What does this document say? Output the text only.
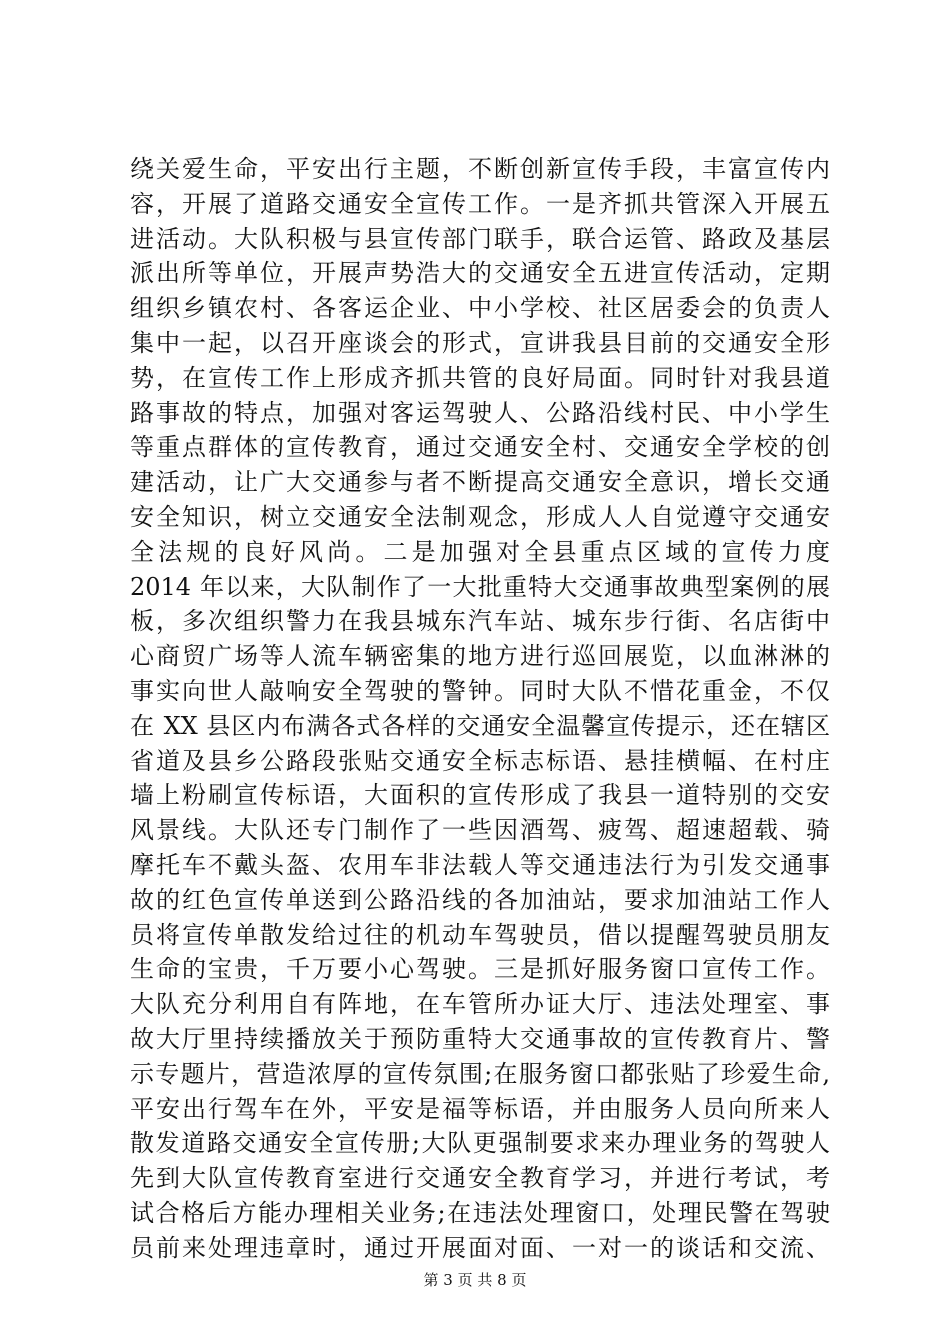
绕关爱生命，平安出行主题，不断创新宣传手段，丰富宣传内
容，开展了道路交通安全宣传工作。一是齐抓共管深入开展五
进活动。大队积极与县宣传部门联手，联合运管、路政及基层
派出所等单位，开展声势浩大的交通安全五进宣传活动，定期
组织乡镇农村、各客运企业、中小学校、社区居委会的负责人
集中一起，以召开座谈会的形式，宣讲我县目前的交通安全形
势，在宣传工作上形成齐抓共管的良好局面。同时针对我县道
路事故的特点，加强对客运驾驶人、公路沿线村民、中小学生
等重点群体的宣传教育，通过交通安全村、交通安全学校的创
建活动，让广大交通参与者不断提高交通安全意识，增长交通
安全知识，树立交通安全法制观念，形成人人自觉遵守交通安
全法规的良好风尚。二是加强对全县重点区域的宣传力度
2014 年以来，大队制作了一大批重特大交通事故典型案例的展
板，多次组织警力在我县城东汽车站、城东步行街、名店街中
心商贸广场等人流车辆密集的地方进行巡回展览，以血淋淋的
事实向世人敲响安全驾驶的警钟。同时大队不惜花重金，不仅
在 XX 县区内布满各式各样的交通安全温馨宣传提示，还在辖区
省道及县乡公路段张贴交通安全标志标语、悬挂横幅、在村庄
墙上粉刷宣传标语，大面积的宣传形成了我县一道特别的交安
风景线。大队还专门制作了一些因酒驾、疲驾、超速超载、骑
摩托车不戴头盔、农用车非法载人等交通违法行为引发交通事
故的红色宣传单送到公路沿线的各加油站，要求加油站工作人
员将宣传单散发给过往的机动车驾驶员，借以提醒驾驶员朋友
生命的宝贵，千万要小心驾驶。三是抓好服务窗口宣传工作。
大队充分利用自有阵地，在车管所办证大厅、违法处理室、事
故大厅里持续播放关于预防重特大交通事故的宣传教育片、警
示专题片，营造浓厚的宣传氛围;在服务窗口都张贴了珍爱生命,
平安出行驾车在外，平安是福等标语，并由服务人员向所来人
散发道路交通安全宣传册;大队更强制要求来办理业务的驾驶人
先到大队宣传教育室进行交通安全教育学习，并进行考试，考
试合格后方能办理相关业务;在违法处理窗口，处理民警在驾驶
员前来处理违章时，通过开展面对面、一对一的谈话和交流、
第 3 页 共 8 页
